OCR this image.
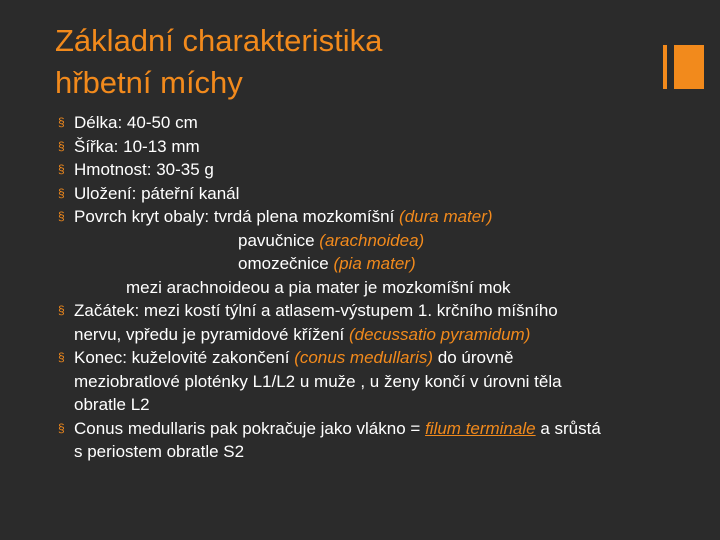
Základní charakteristika
hřbetní míchy
§ Délka: 40-50 cm
§ Šířka: 10-13 mm
§ Hmotnost: 30-35 g
§ Uložení: páteřní kanál
§ Povrch kryt obaly: tvrdá plena mozkomíšní (dura mater)
pavučnice (arachnoidea)
omozečnice (pia mater)
mezi arachnoideou a pia mater je mozkomíšní mok
§ Začátek: mezi kostí týlní a atlasem-výstupem 1. krčního míšního
nervu, vpředu je pyramidové křížení (decussatio pyramidum)
§ Konec: kuželovité zakončení (conus medullaris) do úrovně
meziobratlové ploténky L1/L2 u muže , u ženy končí v úrovni těla
obratle L2
§ Conus medullaris pak pokračuje jako vlákno = filum terminale a srůstá
s periostem obratle S2
